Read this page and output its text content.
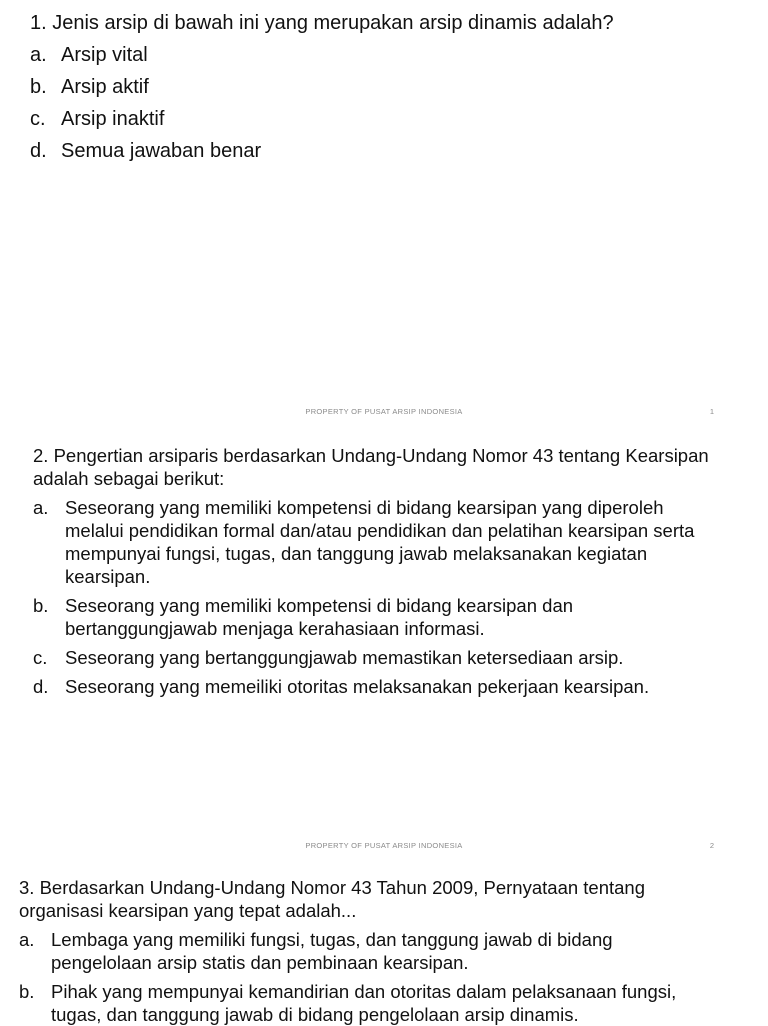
1. Jenis arsip di bawah ini yang merupakan arsip dinamis adalah?

a. Arsip vital
b. Arsip aktif
c. Arsip inaktif
d. Semua jawaban benar
PROPERTY OF PUSAT ARSIP INDONESIA	1

2. Pengertian arsiparis berdasarkan Undang-Undang Nomor 43 tentang Kearsipan adalah sebagai berikut:

a. Seseorang yang memiliki kompetensi di bidang kearsipan yang diperoleh melalui pendidikan formal dan/atau pendidikan dan pelatihan kearsipan serta mempunyai fungsi, tugas, dan tanggung jawab melaksanakan kegiatan kearsipan.
b. Seseorang yang memiliki kompetensi di bidang kearsipan dan bertanggungjawab menjaga kerahasiaan informasi.
c. Seseorang yang bertanggungjawab memastikan ketersediaan arsip.
d. Seseorang yang memeiliki otoritas melaksanakan pekerjaan kearsipan.
PROPERTY OF PUSAT ARSIP INDONESIA	2

3. Berdasarkan Undang-Undang Nomor 43 Tahun 2009, Pernyataan tentang organisasi kearsipan yang tepat adalah...

a. Lembaga yang memiliki fungsi, tugas, dan tanggung jawab di bidang pengelolaan arsip statis dan pembinaan kearsipan.
b. Pihak yang mempunyai kemandirian dan otoritas dalam pelaksanaan fungsi, tugas, dan tanggung jawab di bidang pengelolaan arsip dinamis.
